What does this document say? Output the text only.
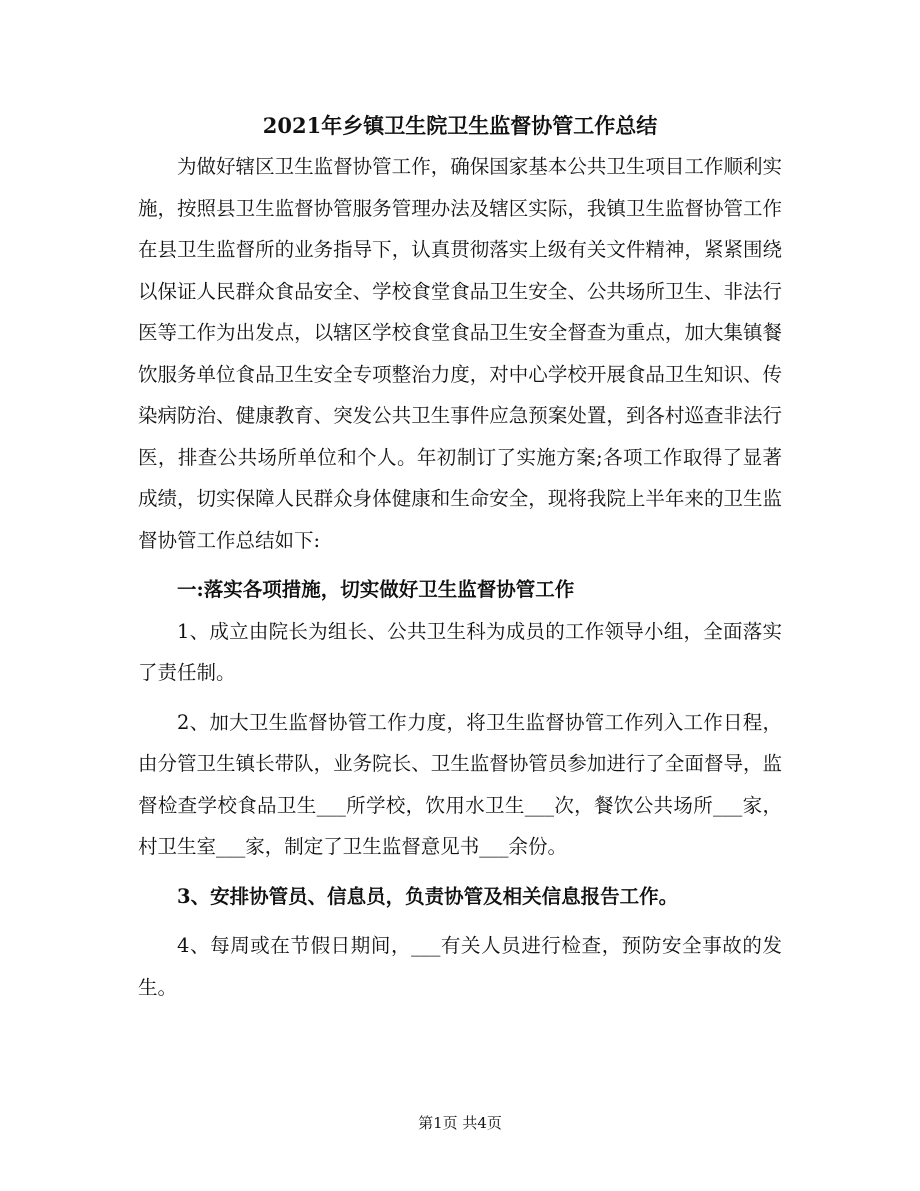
2021年乡镇卫生院卫生监督协管工作总结

为做好辖区卫生监督协管工作，确保国家基本公共卫生项目工作顺利实施，按照县卫生监督协管服务管理办法及辖区实际，我镇卫生监督协管工作在县卫生监督所的业务指导下，认真贯彻落实上级有关文件精神，紧紧围绕以保证人民群众食品安全、学校食堂食品卫生安全、公共场所卫生、非法行医等工作为出发点，以辖区学校食堂食品卫生安全督查为重点，加大集镇餐饮服务单位食品卫生安全专项整治力度，对中心学校开展食品卫生知识、传染病防治、健康教育、突发公共卫生事件应急预案处置，到各村巡查非法行医，排查公共场所单位和个人。年初制订了实施方案;各项工作取得了显著成绩，切实保障人民群众身体健康和生命安全，现将我院上半年来的卫生监督协管工作总结如下:

一:落实各项措施，切实做好卫生监督协管工作

1、成立由院长为组长、公共卫生科为成员的工作领导小组，全面落实了责任制。

2、加大卫生监督协管工作力度，将卫生监督协管工作列入工作日程，由分管卫生镇长带队，业务院长、卫生监督协管员参加进行了全面督导，监督检查学校食品卫生___所学校，饮用水卫生___次，餐饮公共场所___家，村卫生室___家，制定了卫生监督意见书___余份。

3、安排协管员、信息员，负责协管及相关信息报告工作。

4、每周或在节假日期间，___有关人员进行检查，预防安全事故的发生。

第1页 共4页
